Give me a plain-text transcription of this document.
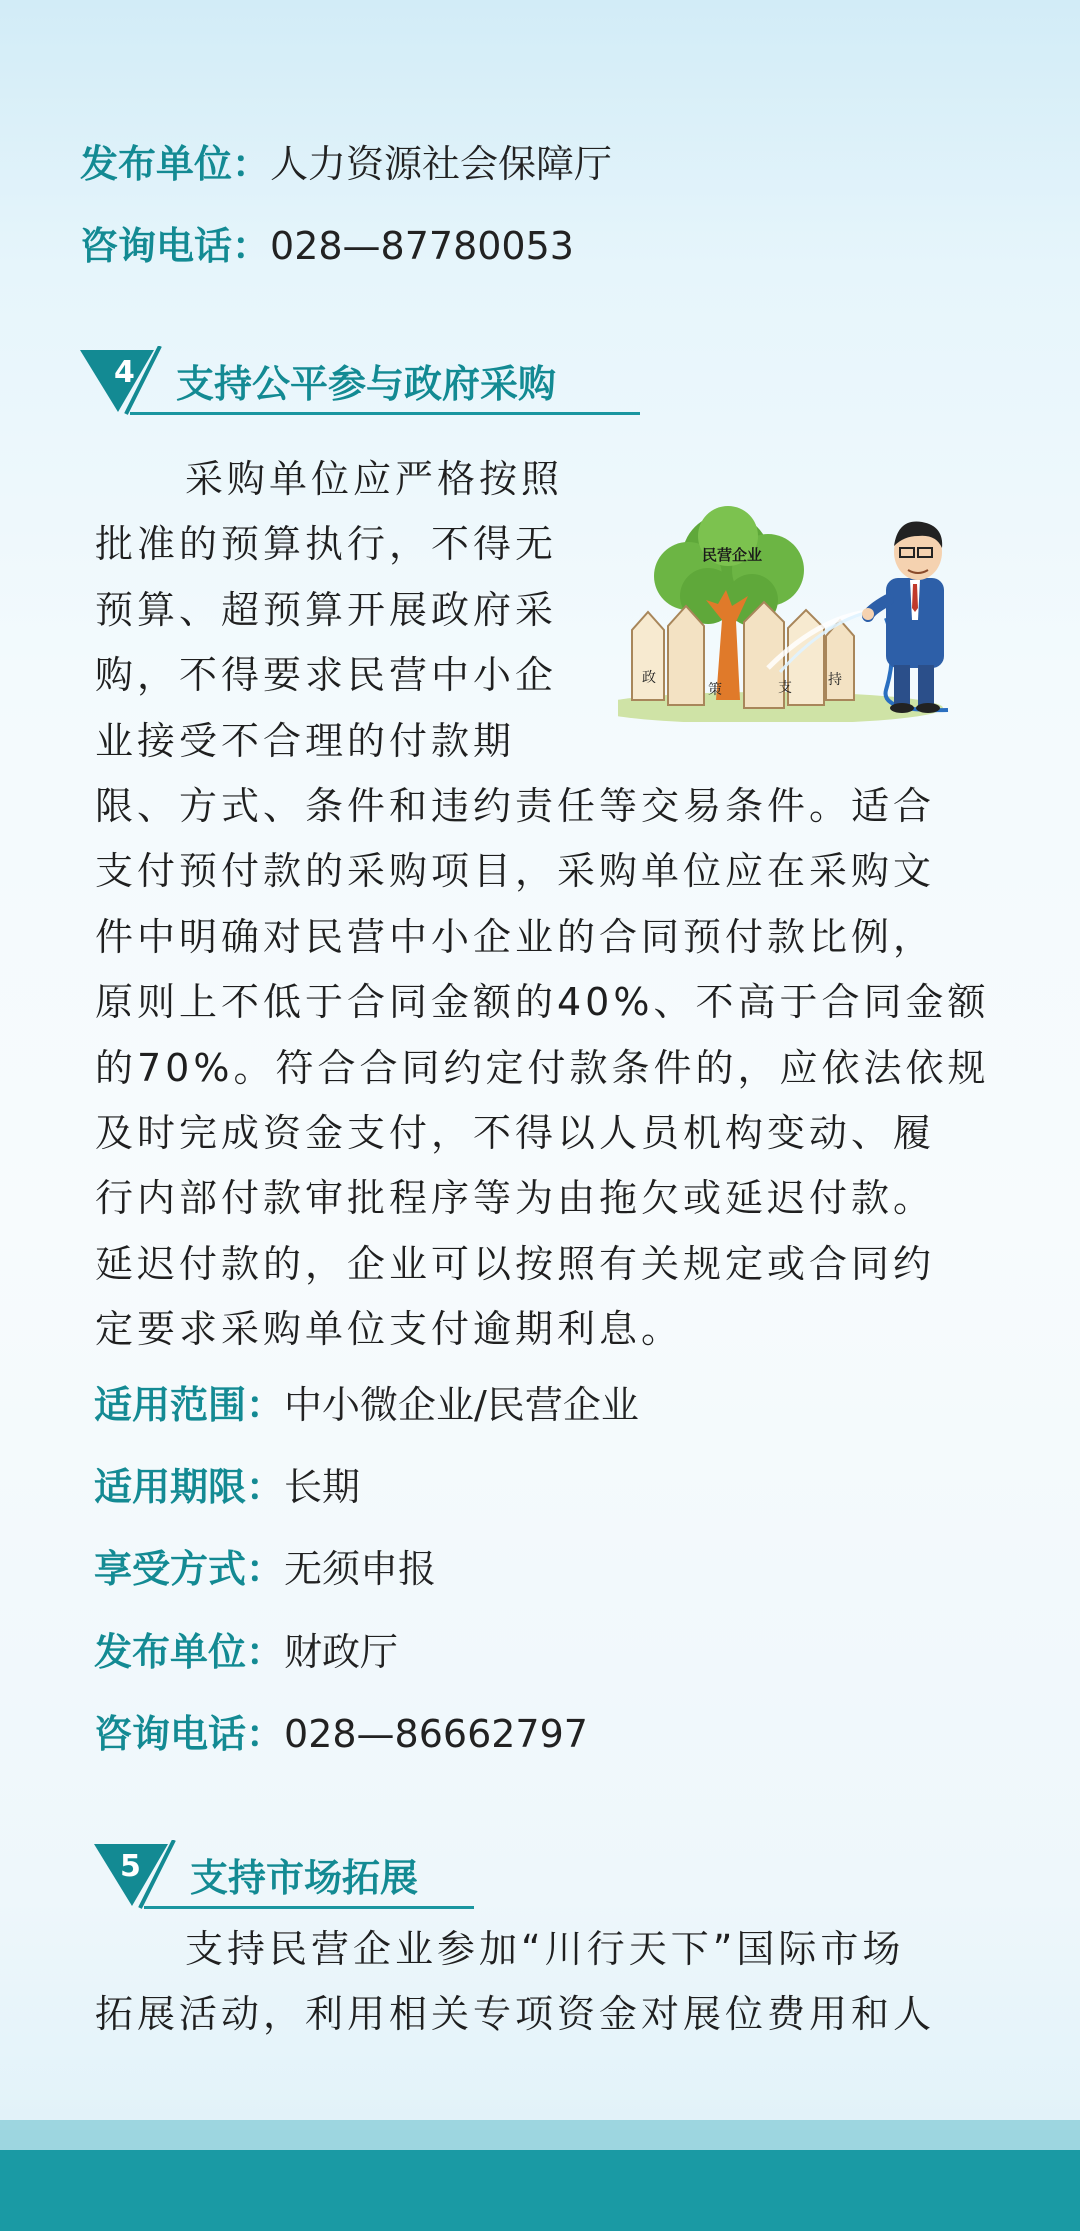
发布单位：人力资源社会保障厅
咨询电话：028—87780053
4 支持公平参与政府采购
采购单位应严格按照
批准的预算执行，不得无
预算、超预算开展政府采
购，不得要求民营中小企
业接受不合理的付款期
限、方式、条件和违约责任等交易条件。适合
支付预付款的采购项目，采购单位应在采购文
件中明确对民营中小企业的合同预付款比例，
原则上不低于合同金额的40%、不高于合同金额
的70%。符合合同约定付款条件的，应依法依规
及时完成资金支付，不得以人员机构变动、履
行内部付款审批程序等为由拖欠或延迟付款。
延迟付款的，企业可以按照有关规定或合同约
定要求采购单位支付逾期利息。
民营企业
政
策	支	持
适用范围：中小微企业/民营企业
适用期限：长期
享受方式：无须申报
发布单位：财政厅
咨询电话：028—86662797
5 支持市场拓展
支持民营企业参加“川行天下”国际市场
拓展活动，利用相关专项资金对展位费用和人
